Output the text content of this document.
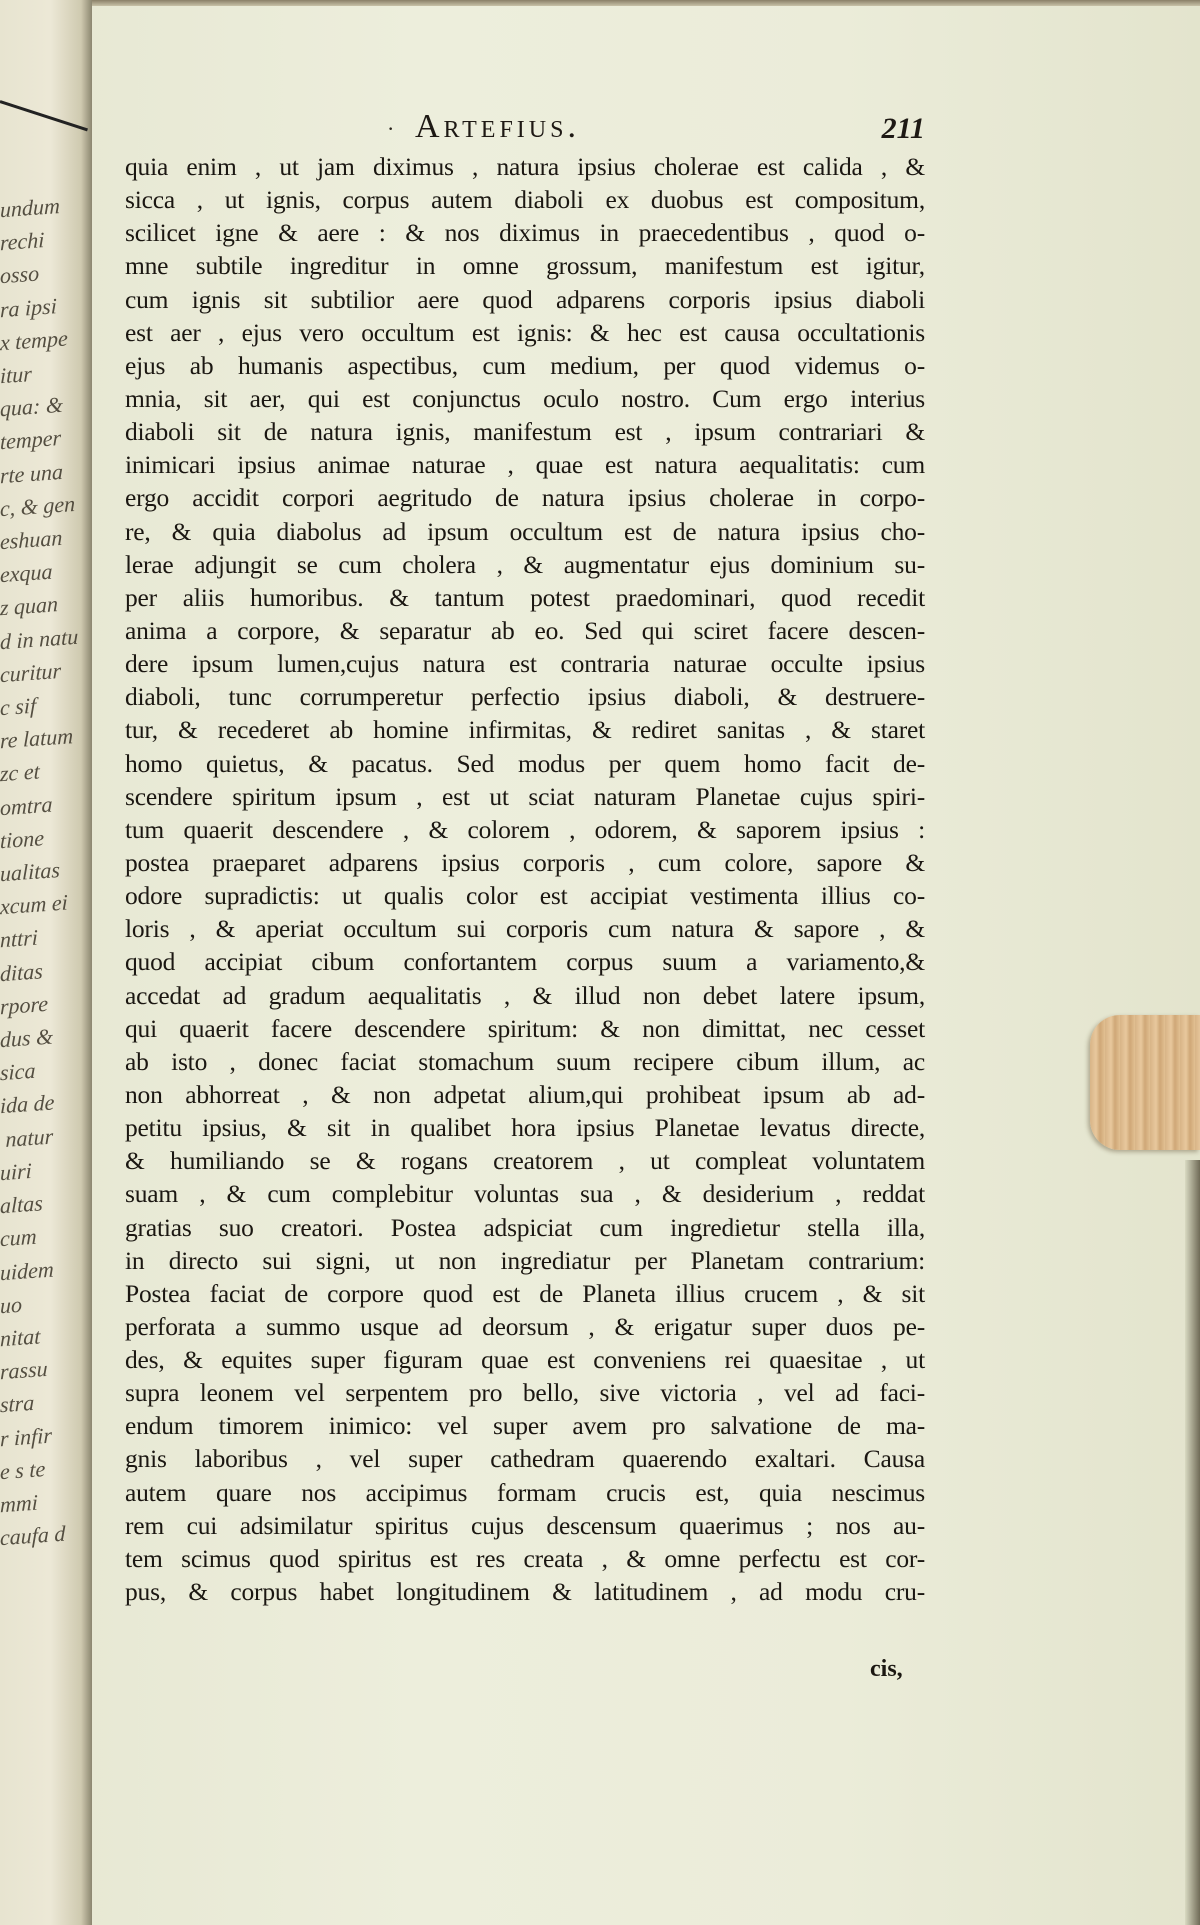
undum
rechi
osso
ra ipsi
x tempe
itur
qua: &
temper
rte una
c, & gen
eshuan
exqua
z quan
d in natu
curitur
c sif
re latum
zc et
omtra
tione
ualitas
xcum ei
nttri
ditas
rpore
dus &
sica
ida de
natur
uiri
altas
cum
uidem
uo
nitat
rassu
stra
r infir
e s te
mmi
caufa d
· Artefius.	211
quia enim , ut jam diximus , natura ipsius cholerae est calida , &
sicca , ut ignis, corpus autem diaboli ex duobus est compositum,
scilicet igne & aere : & nos diximus in praecedentibus , quod o-
mne subtile ingreditur in omne grossum, manifestum est igitur,
cum ignis sit subtilior aere quod adparens corporis ipsius diaboli
est aer , ejus vero occultum est ignis: & hec est causa occultationis
ejus ab humanis aspectibus, cum medium, per quod videmus o-
mnia, sit aer, qui est conjunctus oculo nostro. Cum ergo interius
diaboli sit de natura ignis, manifestum est , ipsum contrariari &
inimicari ipsius animae naturae , quae est natura aequalitatis: cum
ergo accidit corpori aegritudo de natura ipsius cholerae in corpo-
re, & quia diabolus ad ipsum occultum est de natura ipsius cho-
lerae adjungit se cum cholera , & augmentatur ejus dominium su-
per aliis humoribus. & tantum potest praedominari, quod recedit
anima a corpore, & separatur ab eo. Sed qui sciret facere descen-
dere ipsum lumen,cujus natura est contraria naturae occulte ipsius
diaboli, tunc corrumperetur perfectio ipsius diaboli, & destruere-
tur, & recederet ab homine infirmitas, & rediret sanitas , & staret
homo quietus, & pacatus. Sed modus per quem homo facit de-
scendere spiritum ipsum , est ut sciat naturam Planetae cujus spiri-
tum quaerit descendere , & colorem , odorem, & saporem ipsius :
postea praeparet adparens ipsius corporis , cum colore, sapore &
odore supradictis: ut qualis color est accipiat vestimenta illius co-
loris , & aperiat occultum sui corporis cum natura & sapore , &
quod accipiat cibum confortantem corpus suum a variamento,&
accedat ad gradum aequalitatis , & illud non debet latere ipsum,
qui quaerit facere descendere spiritum: & non dimittat, nec cesset
ab isto , donec faciat stomachum suum recipere cibum illum, ac
non abhorreat , & non adpetat alium,qui prohibeat ipsum ab ad-
petitu ipsius, & sit in qualibet hora ipsius Planetae levatus directe,
& humiliando se & rogans creatorem , ut compleat voluntatem
suam , & cum complebitur voluntas sua , & desiderium , reddat
gratias suo creatori. Postea adspiciat cum ingredietur stella illa,
in directo sui signi, ut non ingrediatur per Planetam contrarium:
Postea faciat de corpore quod est de Planeta illius crucem , & sit
perforata a summo usque ad deorsum , & erigatur super duos pe-
des, & equites super figuram quae est conveniens rei quaesitae , ut
supra leonem vel serpentem pro bello, sive victoria , vel ad faci-
endum timorem inimico: vel super avem pro salvatione de ma-
gnis laboribus , vel super cathedram quaerendo exaltari. Causa
autem quare nos accipimus formam crucis est, quia nescimus
rem cui adsimilatur spiritus cujus descensum quaerimus ; nos au-
tem scimus quod spiritus est res creata , & omne perfectu est cor-
pus, & corpus habet longitudinem & latitudinem , ad modu cru-
cis,
